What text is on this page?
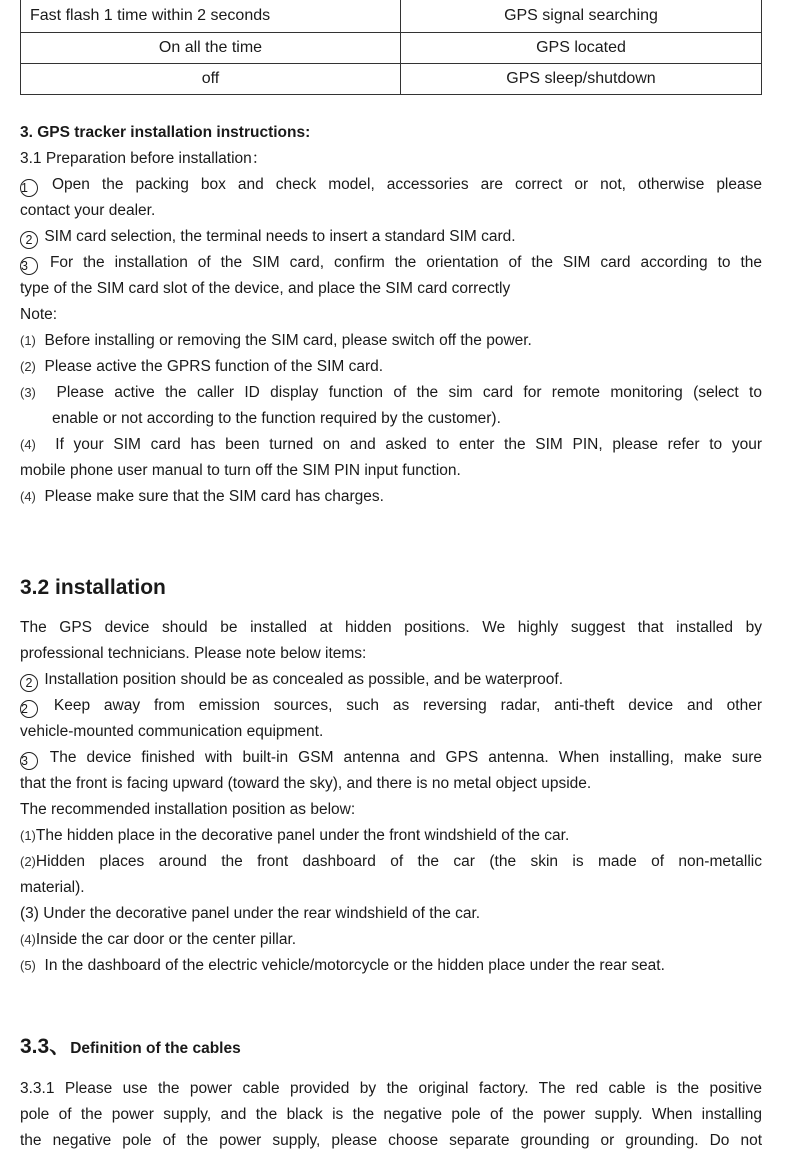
Fast flash 1 time within 2 seconds	GPS signal searching
On all the time	GPS located
off	GPS sleep/shutdown
3. GPS tracker installation instructions:
3.1 Preparation before installation：
1 Open the packing box and check model, accessories are correct or not, otherwise please
contact your dealer.
2 SIM card selection, the terminal needs to insert a standard SIM card.
3 For the installation of the SIM card, confirm the orientation of the SIM card according to the
type of the SIM card slot of the device, and place the SIM card correctly
Note:
(1) Before installing or removing the SIM card, please switch off the power.
(2) Please active the GPRS function of the SIM card.
(3) Please active the caller ID display function of the sim card for remote monitoring (select to
enable or not according to the function required by the customer).
(4) If your SIM card has been turned on and asked to enter the SIM PIN, please refer to your
mobile phone user manual to turn off the SIM PIN input function.
(4) Please make sure that the SIM card has charges.
3.2 installation
The GPS device should be installed at hidden positions. We highly suggest that installed by
professional technicians. Please note below items:
2 Installation position should be as concealed as possible, and be waterproof.
2 Keep away from emission sources, such as reversing radar, anti-theft device and other
vehicle-mounted communication equipment.
3 The device finished with built-in GSM antenna and GPS antenna. When installing, make sure
that the front is facing upward (toward the sky), and there is no metal object upside.
The recommended installation position as below:
(1)The hidden place in the decorative panel under the front windshield of the car.
(2)Hidden places around the front dashboard of the car (the skin is made of non-metallic
material).
(3) Under the decorative panel under the rear windshield of the car.
(4)Inside the car door or the center pillar.
(5) In the dashboard of the electric vehicle/motorcycle or the hidden place under the rear seat.
3.3、Definition of the cables
3.3.1 Please use the power cable provided by the original factory. The red cable is the positive
pole of the power supply, and the black is the negative pole of the power supply. When installing
the negative pole of the power supply, please choose separate grounding or grounding. Do not
